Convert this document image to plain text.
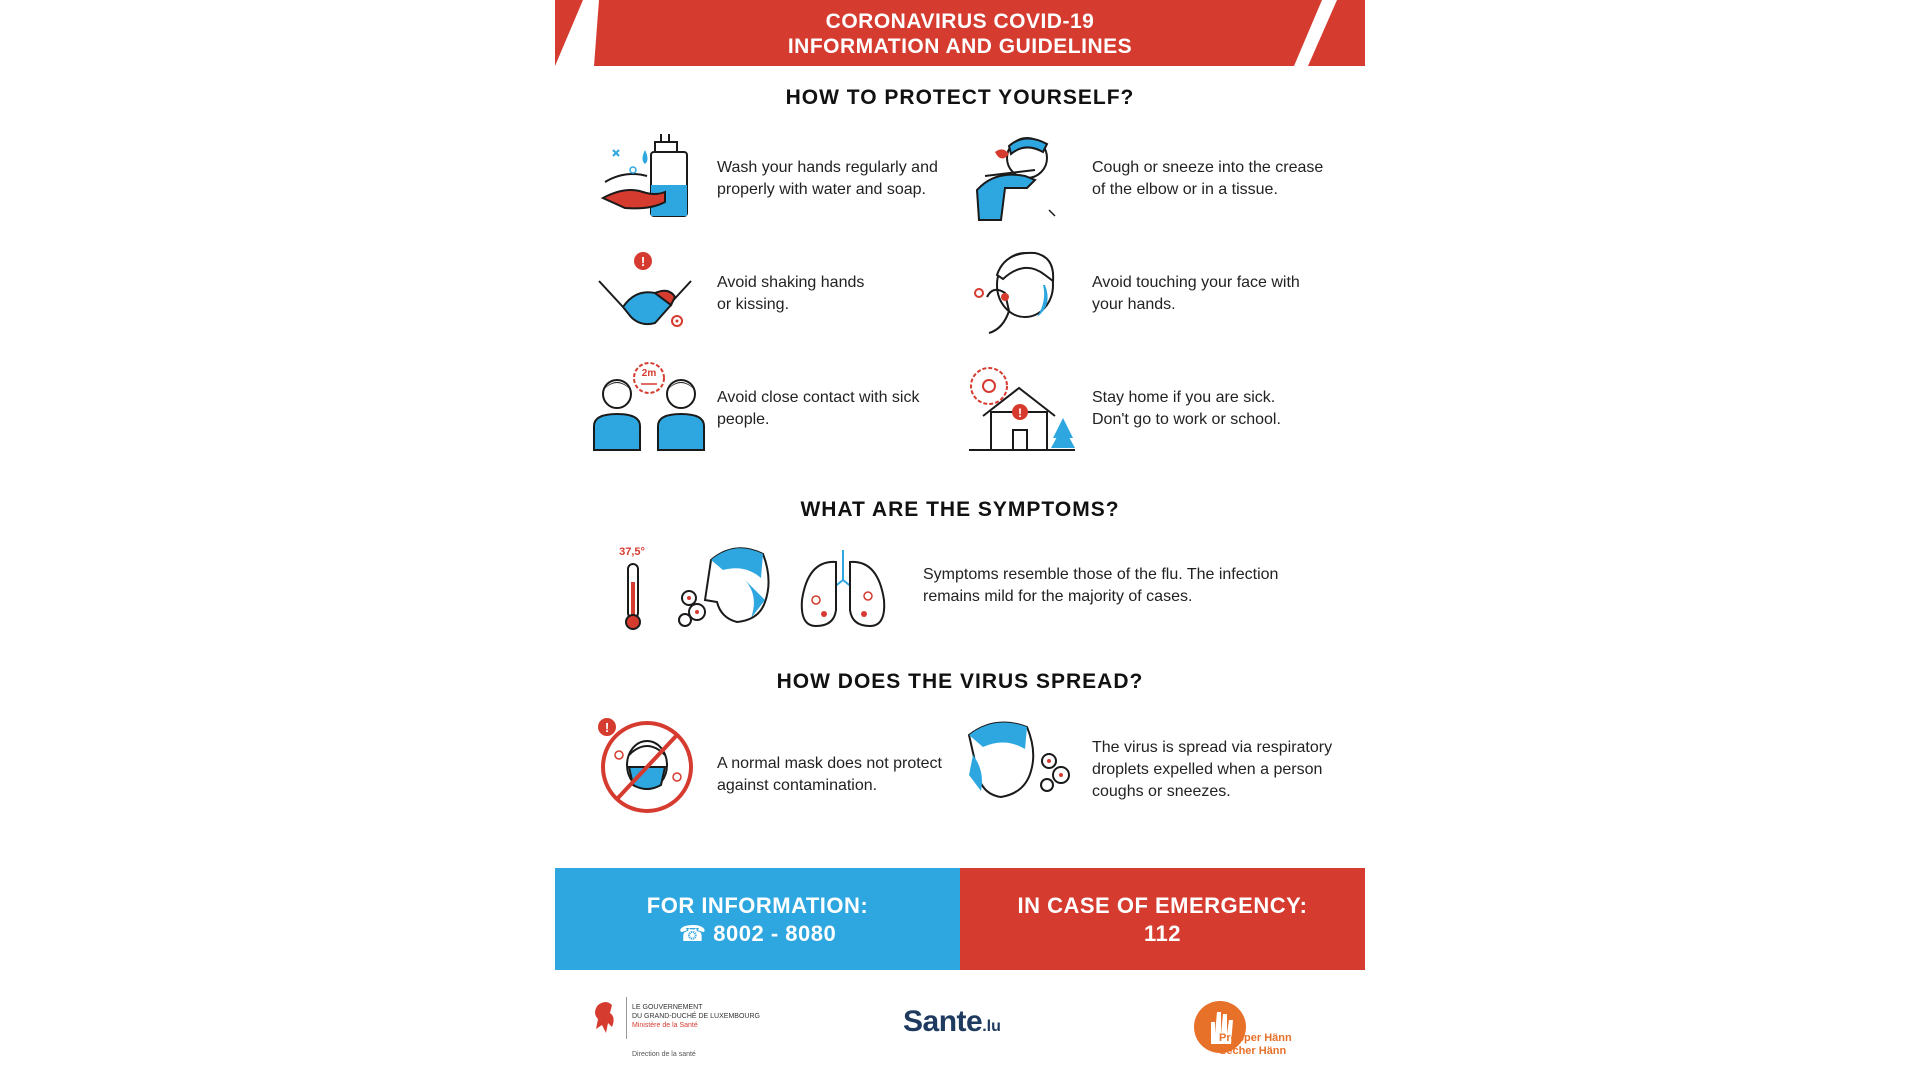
CORONAVIRUS COVID-19
INFORMATION AND GUIDELINES
HOW TO PROTECT YOURSELF?
Wash your hands regularly and
properly with water and soap.
Cough or sneeze into the crease
of the elbow or in a tissue.
!
Avoid shaking hands
or kissing.
Avoid touching your face with
your hands.
2m
Avoid close contact with sick
people.	!
Stay home if you are sick.
Don't go to work or school.
WHAT ARE THE SYMPTOMS?
37,5°
Symptoms resemble those of the flu. The infection
remains mild for the majority of cases.
HOW DOES THE VIRUS SPREAD?
!
A normal mask does not protect
against contamination.
The virus is spread via respiratory
droplets expelled when a person
coughs or sneezes.
FOR INFORMATION:
☎ 8002 - 8080
IN CASE OF EMERGENCY:
112
LE GOUVERNEMENT
DU GRAND-DUCHÉ DE LUXEMBOURG
Ministère de la Santé
Direction de la santé
Sante.lu
Propper Hänn
Sécher Hänn
